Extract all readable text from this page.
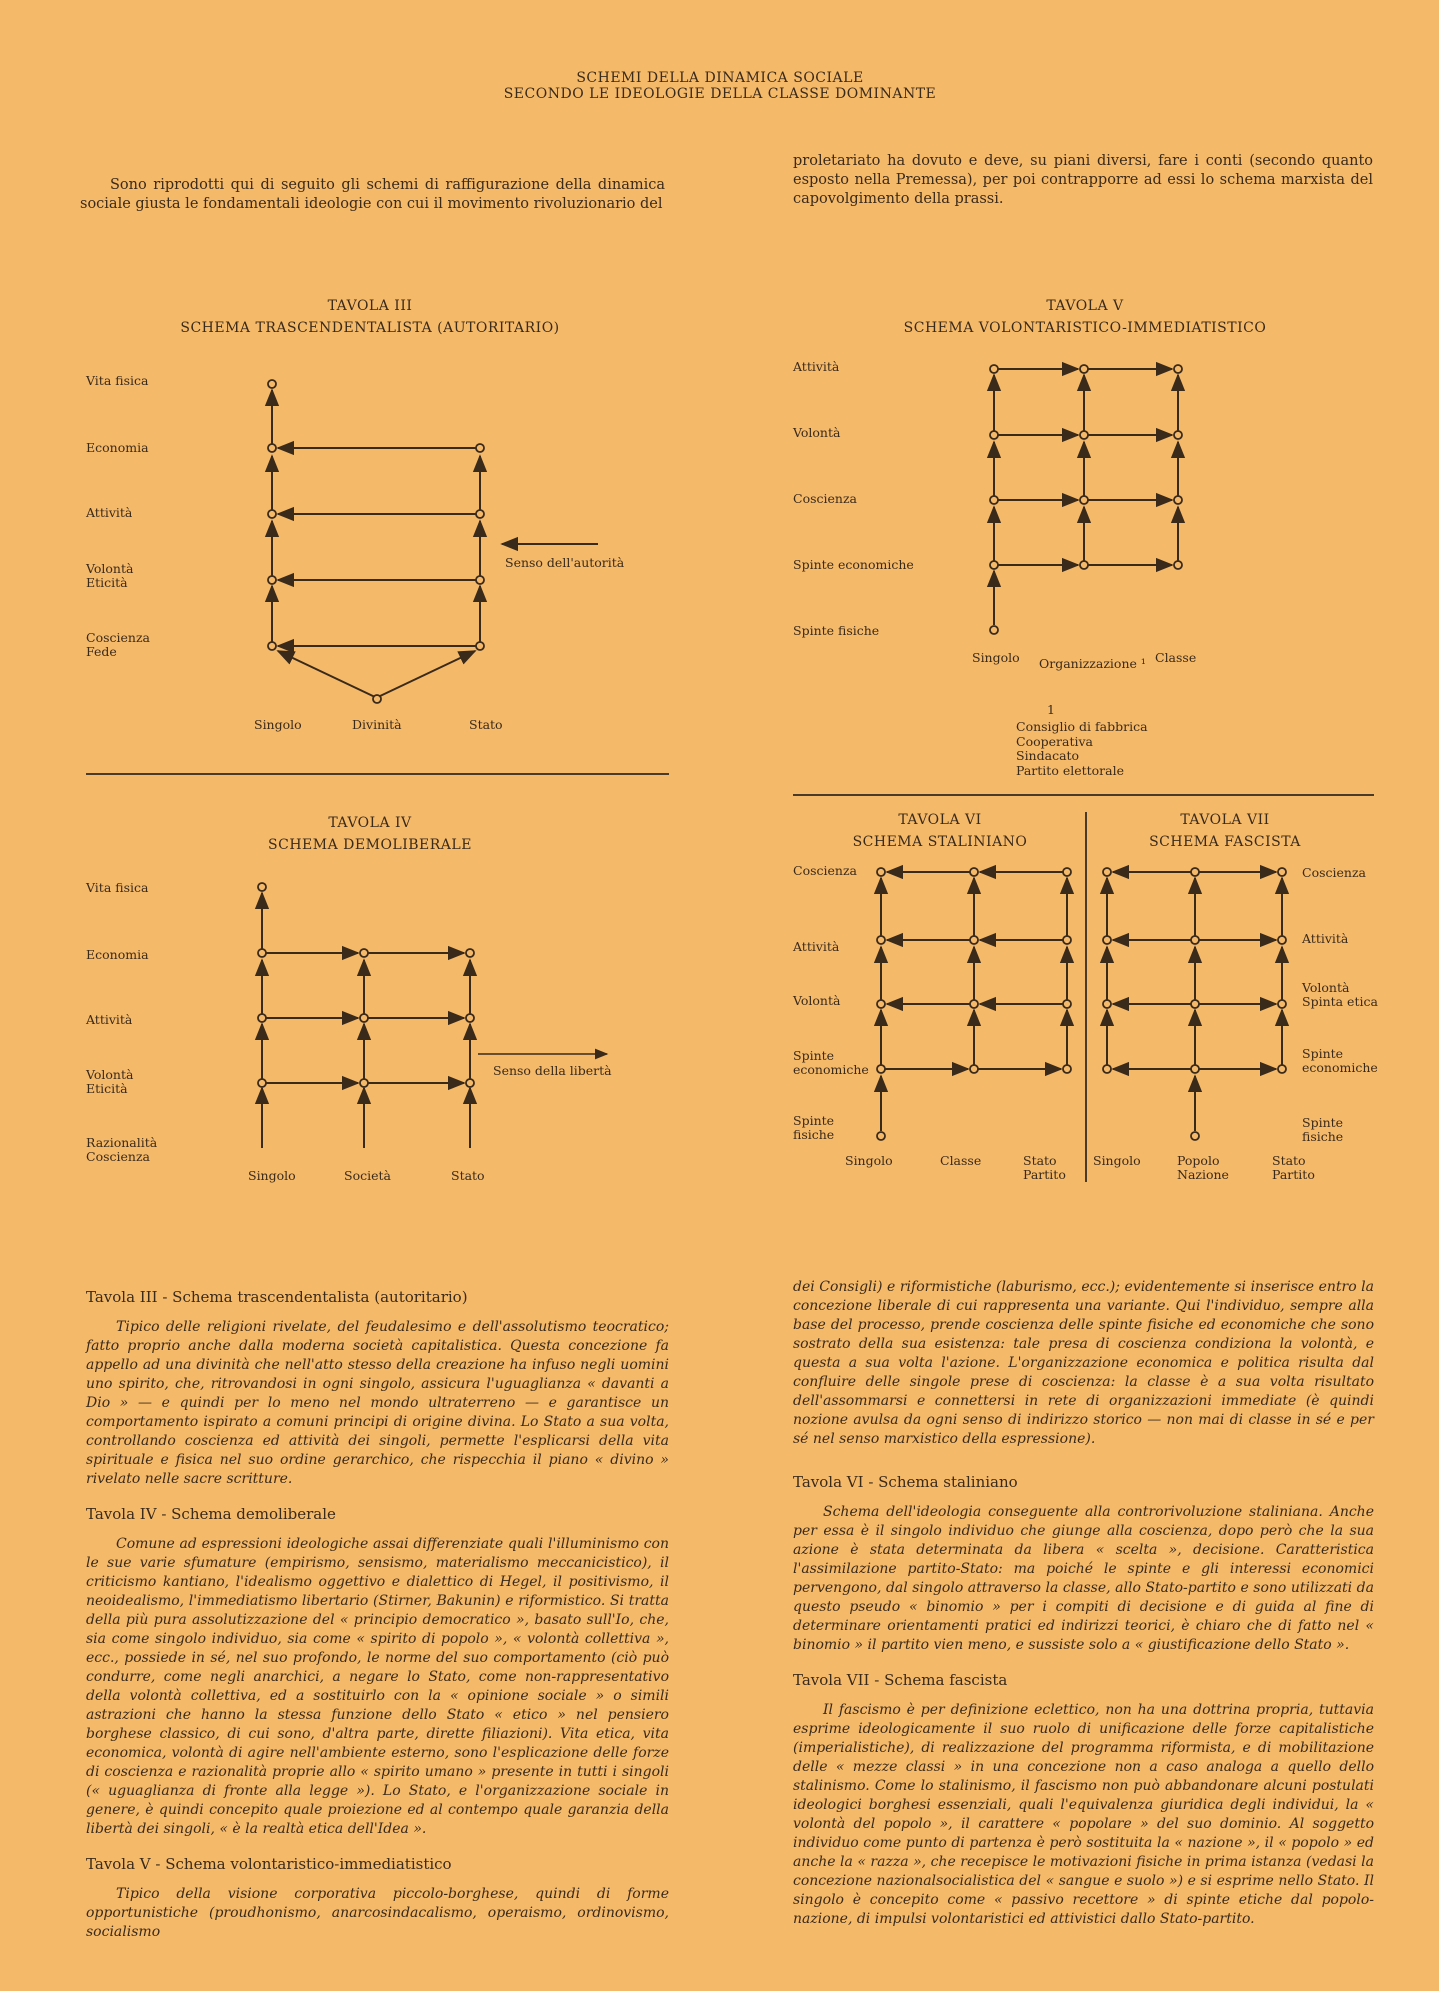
SCHEMI DELLA DINAMICA SOCIALE
SECONDO LE IDEOLOGIE DELLA CLASSE DOMINANTE
Sono riprodotti qui di seguito gli schemi di raffigurazione della dinamica sociale giusta le fondamentali ideologie con cui il movimento rivoluzionario del
proletariato ha dovuto e deve, su piani diversi, fare i conti (secondo quanto esposto nella Premessa), per poi contrapporre ad essi lo schema marxista del capovolgimento della prassi.
TAVOLA III
SCHEMA TRASCENDENTALISTA (AUTORITARIO)
Vita fisica
Economia
Attività
Volontà
Eticità
Coscienza
Fede
Singolo	Divinità	Stato
Senso dell'autorità
TAVOLA IV
SCHEMA DEMOLIBERALE
Vita fisica
Economia
Attività
Volontà
Eticità
Razionalità
Coscienza
Singolo	Società	Stato
Senso della libertà
TAVOLA V
SCHEMA VOLONTARISTICO-IMMEDIATISTICO
Attività
Volontà
Coscienza
Spinte economiche
Spinte fisiche
Singolo Organizzazione ¹ Classe
1
Consiglio di fabbrica
Cooperativa
Sindacato
Partito elettorale
TAVOLA VI
SCHEMA STALINIANO
Coscienza
Attività
Volontà
Spinte
economiche
Spinte
fisiche
Singolo	Classe	Stato
Partito
TAVOLA VII
SCHEMA FASCISTA
Coscienza
Attività
Volontà
Spinta etica
Spinte
economiche
Spinte
fisiche
Singolo	Popolo
Nazione
Stato
Partito
Tavola III - Schema trascendentalista (autoritario)
Tipico delle religioni rivelate, del feudalesimo e dell'assolutismo teocratico; fatto proprio anche dalla moderna società capitalistica. Questa concezione fa appello ad una divinità che nell'atto stesso della creazione ha infuso negli uomini uno spirito, che, ritrovandosi in ogni singolo, assicura l'uguaglianza « davanti a Dio » — e quindi per lo meno nel mondo ultraterreno — e garantisce un comportamento ispirato a comuni principi di origine divina. Lo Stato a sua volta, controllando coscienza ed attività dei singoli, permette l'esplicarsi della vita spirituale e fisica nel suo ordine gerarchico, che rispecchia il piano « divino » rivelato nelle sacre scritture.
Tavola IV - Schema demoliberale
Comune ad espressioni ideologiche assai differenziate quali l'illuminismo con le sue varie sfumature (empirismo, sensismo, materialismo meccanicistico), il criticismo kantiano, l'idealismo oggettivo e dialettico di Hegel, il positivismo, il neoidealismo, l'immediatismo libertario (Stirner, Bakunin) e riformistico. Si tratta della più pura assolutizzazione del « principio democratico », basato sull'Io, che, sia come singolo individuo, sia come « spirito di popolo », « volontà collettiva », ecc., possiede in sé, nel suo profondo, le norme del suo comportamento (ciò può condurre, come negli anarchici, a negare lo Stato, come non-rappresentativo della volontà collettiva, ed a sostituirlo con la « opinione sociale » o simili astrazioni che hanno la stessa funzione dello Stato « etico » nel pensiero borghese classico, di cui sono, d'altra parte, dirette filiazioni). Vita etica, vita economica, volontà di agire nell'ambiente esterno, sono l'esplicazione delle forze di coscienza e razionalità proprie allo « spirito umano » presente in tutti i singoli (« uguaglianza di fronte alla legge »). Lo Stato, e l'organizzazione sociale in genere, è quindi concepito quale proiezione ed al contempo quale garanzia della libertà dei singoli, « è la realtà etica dell'Idea ».
Tavola V - Schema volontaristico-immediatistico
Tipico della visione corporativa piccolo-borghese, quindi di forme opportunistiche (proudhonismo, anarcosindacalismo, operaismo, ordinovismo, socialismo
dei Consigli) e riformistiche (laburismo, ecc.); evidentemente si inserisce entro la concezione liberale di cui rappresenta una variante. Qui l'individuo, sempre alla base del processo, prende coscienza delle spinte fisiche ed economiche che sono sostrato della sua esistenza: tale presa di coscienza condiziona la volontà, e questa a sua volta l'azione. L'organizzazione economica e politica risulta dal confluire delle singole prese di coscienza: la classe è a sua volta risultato dell'assommarsi e connettersi in rete di organizzazioni immediate (è quindi nozione avulsa da ogni senso di indirizzo storico — non mai di classe in sé e per sé nel senso marxistico della espressione).
Tavola VI - Schema staliniano
Schema dell'ideologia conseguente alla controrivoluzione staliniana. Anche per essa è il singolo individuo che giunge alla coscienza, dopo però che la sua azione è stata determinata da libera « scelta », decisione. Caratteristica l'assimilazione partito-Stato: ma poiché le spinte e gli interessi economici pervengono, dal singolo attraverso la classe, allo Stato-partito e sono utilizzati da questo pseudo « binomio » per i compiti di decisione e di guida al fine di determinare orientamenti pratici ed indirizzi teorici, è chiaro che di fatto nel « binomio » il partito vien meno, e sussiste solo a « giustificazione dello Stato ».
Tavola VII - Schema fascista
Il fascismo è per definizione eclettico, non ha una dottrina propria, tuttavia esprime ideologicamente il suo ruolo di unificazione delle forze capitalistiche (imperialistiche), di realizzazione del programma riformista, e di mobilitazione delle « mezze classi » in una concezione non a caso analoga a quello dello stalinismo. Come lo stalinismo, il fascismo non può abbandonare alcuni postulati ideologici borghesi essenziali, quali l'equivalenza giuridica degli individui, la « volontà del popolo », il carattere « popolare » del suo dominio. Al soggetto individuo come punto di partenza è però sostituita la « nazione », il « popolo » ed anche la « razza », che recepisce le motivazioni fisiche in prima istanza (vedasi la concezione nazionalsocialistica del « sangue e suolo ») e si esprime nello Stato. Il singolo è concepito come « passivo recettore » di spinte etiche dal popolo-nazione, di impulsi volontaristici ed attivistici dallo Stato-partito.
